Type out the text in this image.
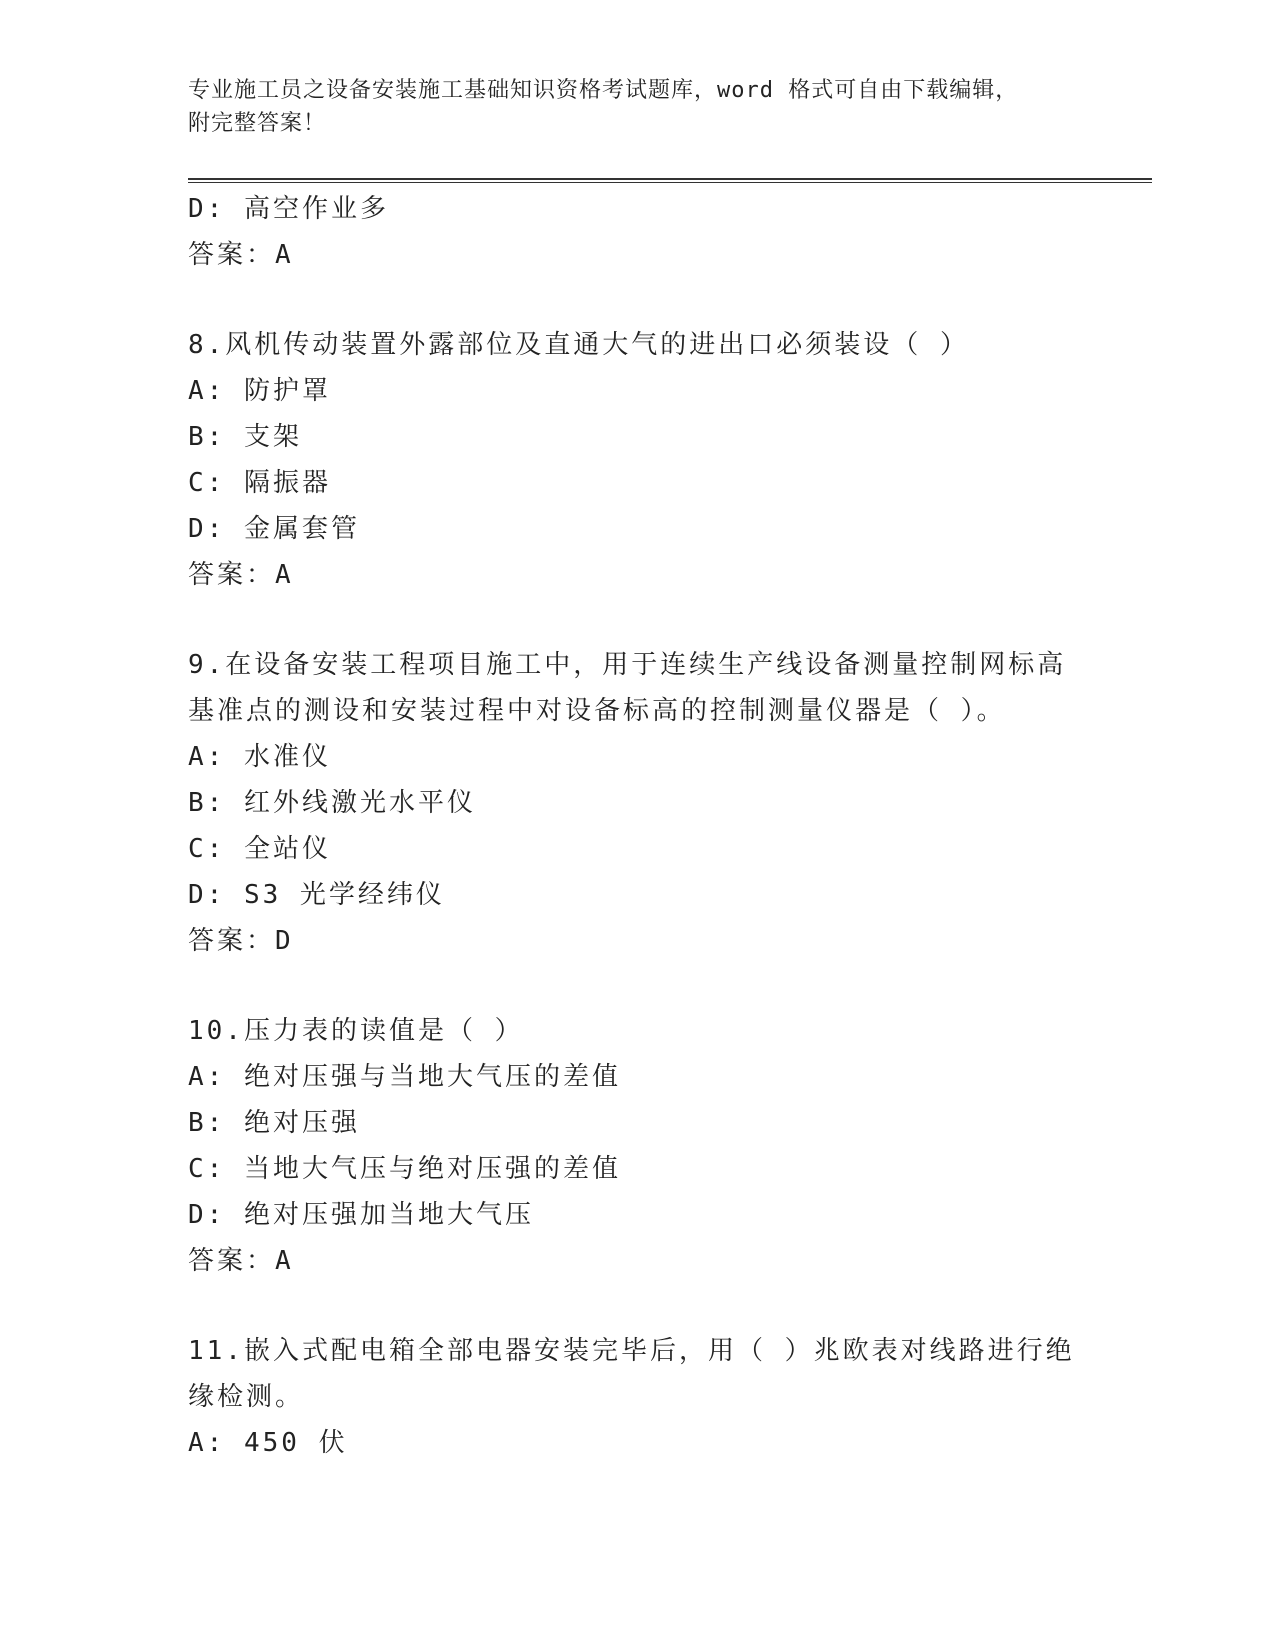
专业施工员之设备安装施工基础知识资格考试题库，word 格式可自由下载编辑，
附完整答案！
D: 高空作业多
答案：A
8.风机传动装置外露部位及直通大气的进出口必须装设（ ）
A: 防护罩
B: 支架
C: 隔振器
D: 金属套管
答案：A
9.在设备安装工程项目施工中，用于连续生产线设备测量控制网标高
基准点的测设和安装过程中对设备标高的控制测量仪器是（ ）。
A: 水准仪
B: 红外线激光水平仪
C: 全站仪
D: S3 光学经纬仪
答案：D
10.压力表的读值是（ ）
A: 绝对压强与当地大气压的差值
B: 绝对压强
C: 当地大气压与绝对压强的差值
D: 绝对压强加当地大气压
答案：A
11.嵌入式配电箱全部电器安装完毕后，用（ ）兆欧表对线路进行绝
缘检测。
A: 450 伏
